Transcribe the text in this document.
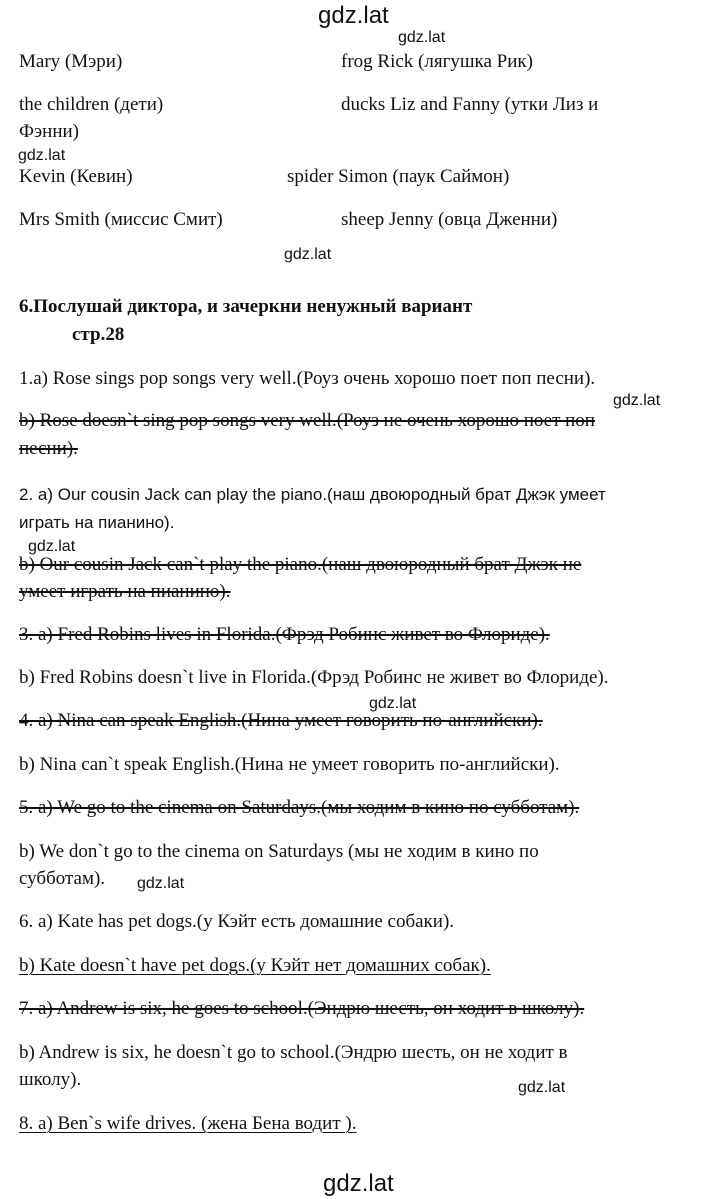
gdz.lat
gdz.lat
gdz.lat
gdz.lat
gdz.lat
gdz.lat
gdz.lat
gdz.lat
gdz.lat
gdz.lat
Mary (Мэри)	frog Rick (лягушка Рик)
the children (дети)	ducks Liz and Fanny (утки Лиз и
Фэнни)
Kevin (Кевин)	spider Simon (паук Саймон)
Mrs Smith (миссис Смит)	sheep Jenny (овца Дженни)
6.Послушай диктора, и зачеркни ненужный вариант
стр.28
1.а) Rose sings pop songs very well.(Роуз очень хорошо поет поп песни).
b) Rose doesn`t sing pop songs very well.(Роуз не очень хорошо поет поп
песни).
2. a) Our cousin Jack can play the piano.(наш двоюродный брат Джэк умеет
играть на пианино).
b) Our cousin Jack can`t play the piano.(наш двоюродный брат Джэк не
умеет играть на пианино).
3. a) Fred Robins lives in Florida.(Фрэд Робинс живет во Флориде).
b) Fred Robins doesn`t live in Florida.(Фрэд Робинс не живет во Флориде).
4. a) Nina can speak English.(Нина умеет говорить по-английски).
b) Nina can`t speak English.(Нина не умеет говорить по-английски).
5. a) We go to the cinema on Saturdays.(мы ходим в кино по субботам).
b) We don`t go to the cinema on Saturdays (мы не ходим в кино по
субботам).
6. a) Kate has pet dogs.(у Кэйт есть домашние собаки).
b) Kate doesn`t have pet dogs.(у Кэйт нет домашних собак).
7. a) Andrew is six, he goes to school.(Эндрю шесть, он ходит в школу).
b) Andrew is six, he doesn`t go to school.(Эндрю шесть, он не ходит в
школу).
8. a) Ben`s wife drives. (жена Бена водит ).
